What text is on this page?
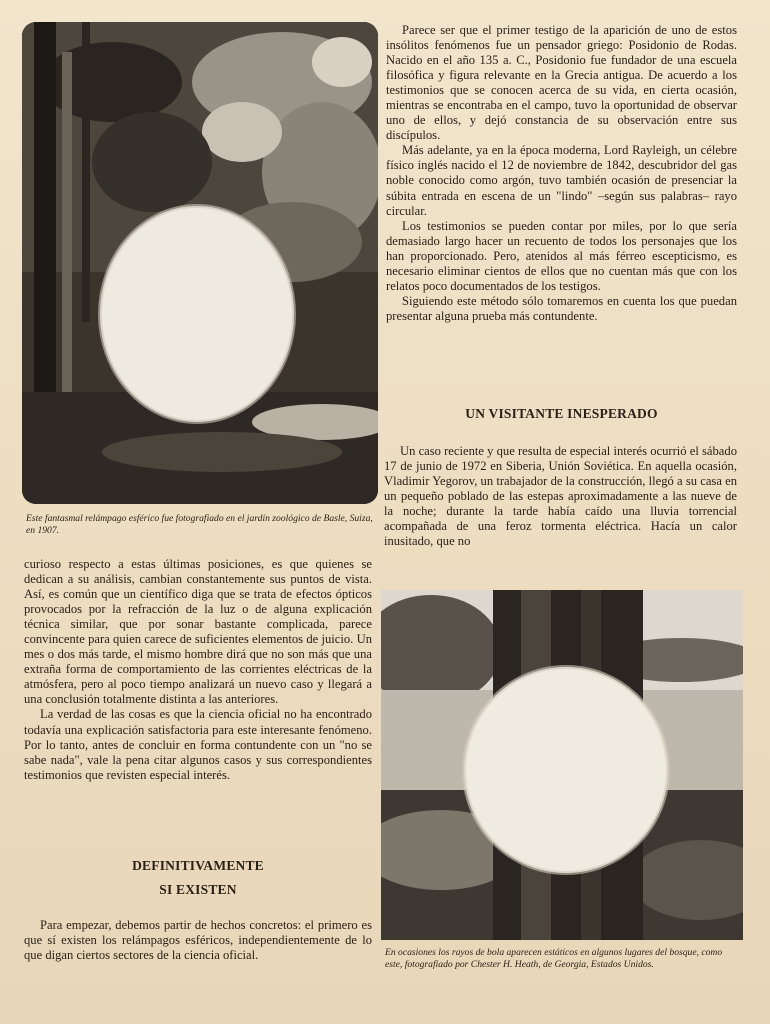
Este fantasmal relámpago esférico fue fotografiado en el jardín zoológico de Basle, Suiza, en 1907.

Parece ser que el primer testigo de la aparición de uno de estos insólitos fenómenos fue un pensador griego: Posidonio de Rodas. Nacido en el año 135 a. C., Posidonio fue fundador de una escuela filosófica y figura relevante en la Grecia antigua. De acuerdo a los testimonios que se conocen acerca de su vida, en cierta ocasión, mientras se encontraba en el campo, tuvo la oportunidad de observar uno de ellos, y dejó constancia de su observación entre sus discípulos.

Más adelante, ya en la época moderna, Lord Rayleigh, un célebre físico inglés nacido el 12 de noviembre de 1842, descubridor del gas noble conocido como argón, tuvo también ocasión de presenciar la súbita entrada en escena de un "lindo" –según sus palabras– rayo circular.

Los testimonios se pueden contar por miles, por lo que sería demasiado largo hacer un recuento de todos los personajes que los han proporcionado. Pero, atenidos al más férreo escepticismo, es necesario eliminar cientos de ellos que no cuentan más que con los relatos poco documentados de los testigos.

Siguiendo este método sólo tomaremos en cuenta los que puedan presentar alguna prueba más contundente.

UN VISITANTE INESPERADO

Un caso reciente y que resulta de especial interés ocurrió el sábado 17 de junio de 1972 en Siberia, Unión Soviética. En aquella ocasión, Vladimir Yegorov, un trabajador de la construcción, llegó a su casa en un pequeño poblado de las estepas aproximadamente a las nueve de la noche; durante la tarde había caído una lluvia torrencial acompañada de una feroz tormenta eléctrica. Hacía un calor inusitado, que no

curioso respecto a estas últimas posiciones, es que quienes se dedican a su análisis, cambian constantemente sus puntos de vista. Así, es común que un científico diga que se trata de efectos ópticos provocados por la refracción de la luz o de alguna explicación técnica similar, que por sonar bastante complicada, parece convincente para quien carece de suficientes elementos de juicio. Un mes o dos más tarde, el mismo hombre dirá que no son más que una extraña forma de comportamiento de las corrientes eléctricas de la atmósfera, pero al poco tiempo analizará un nuevo caso y llegará a una conclusión totalmente distinta a las anteriores.

La verdad de las cosas es que la ciencia oficial no ha encontrado todavía una explicación satisfactoria para este interesante fenómeno. Por lo tanto, antes de concluir en forma contundente con un "no se sabe nada", vale la pena citar algunos casos y sus correspondientes testimonios que revisten especial interés.

DEFINITIVAMENTE
SI EXISTEN

Para empezar, debemos partir de hechos concretos: el primero es que sí existen los relámpagos esféricos, independientemente de lo que digan ciertos sectores de la ciencia oficial.	En ocasiones los rayos de bola aparecen estáticos en algunos lugares del bosque, como este, fotografiado por Chester H. Heath, de Georgia, Estados Unidos.
